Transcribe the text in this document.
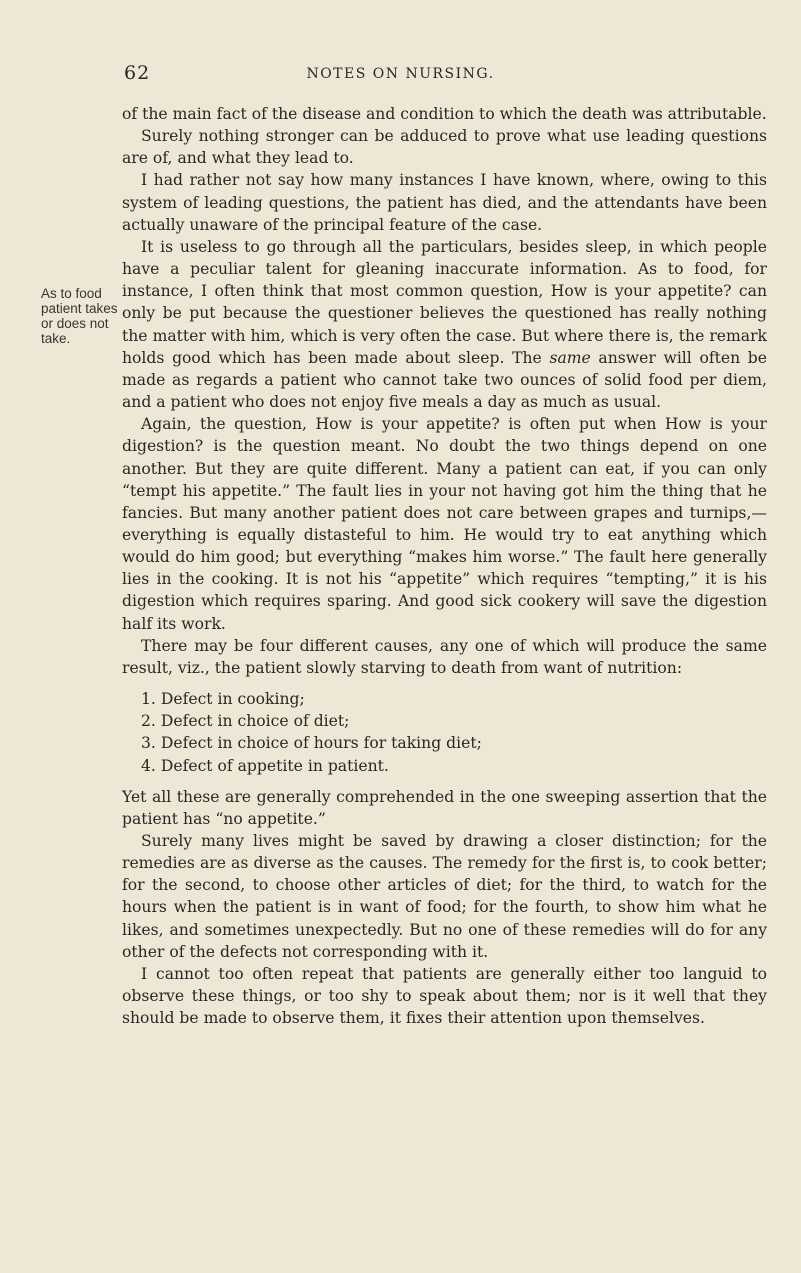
62	NOTES ON NURSING.
As to food patient takes or does not take.

of the main fact of the disease and condition to which the death was attributable.

Surely nothing stronger can be adduced to prove what use leading questions are of, and what they lead to.

I had rather not say how many instances I have known, where, owing to this system of leading questions, the patient has died, and the attendants have been actually unaware of the principal feature of the case.

It is useless to go through all the particulars, besides sleep, in which people have a peculiar talent for gleaning inaccurate information. As to food, for instance, I often think that most common question, How is your appetite? can only be put because the questioner believes the questioned has really nothing the matter with him, which is very often the case. But where there is, the remark holds good which has been made about sleep. The same answer will often be made as regards a patient who cannot take two ounces of solid food per diem, and a patient who does not enjoy five meals a day as much as usual.

Again, the question, How is your appetite? is often put when How is your digestion? is the question meant. No doubt the two things depend on one another. But they are quite different. Many a patient can eat, if you can only “tempt his appetite.” The fault lies in your not having got him the thing that he fancies. But many another patient does not care between grapes and turnips,— everything is equally distasteful to him. He would try to eat anything which would do him good; but everything “makes him worse.” The fault here generally lies in the cooking. It is not his “appetite” which requires “tempting,” it is his digestion which requires sparing. And good sick cookery will save the digestion half its work.

There may be four different causes, any one of which will produce the same result, viz., the patient slowly starving to death from want of nutrition:

1. Defect in cooking;
2. Defect in choice of diet;
3. Defect in choice of hours for taking diet;
4. Defect of appetite in patient.

Yet all these are generally comprehended in the one sweeping assertion that the patient has “no appetite.”

Surely many lives might be saved by drawing a closer distinction; for the remedies are as diverse as the causes. The remedy for the first is, to cook better; for the second, to choose other articles of diet; for the third, to watch for the hours when the patient is in want of food; for the fourth, to show him what he likes, and sometimes unexpectedly. But no one of these remedies will do for any other of the defects not corresponding with it.

I cannot too often repeat that patients are generally either too languid to observe these things, or too shy to speak about them; nor is it well that they should be made to observe them, it fixes their attention upon themselves.
